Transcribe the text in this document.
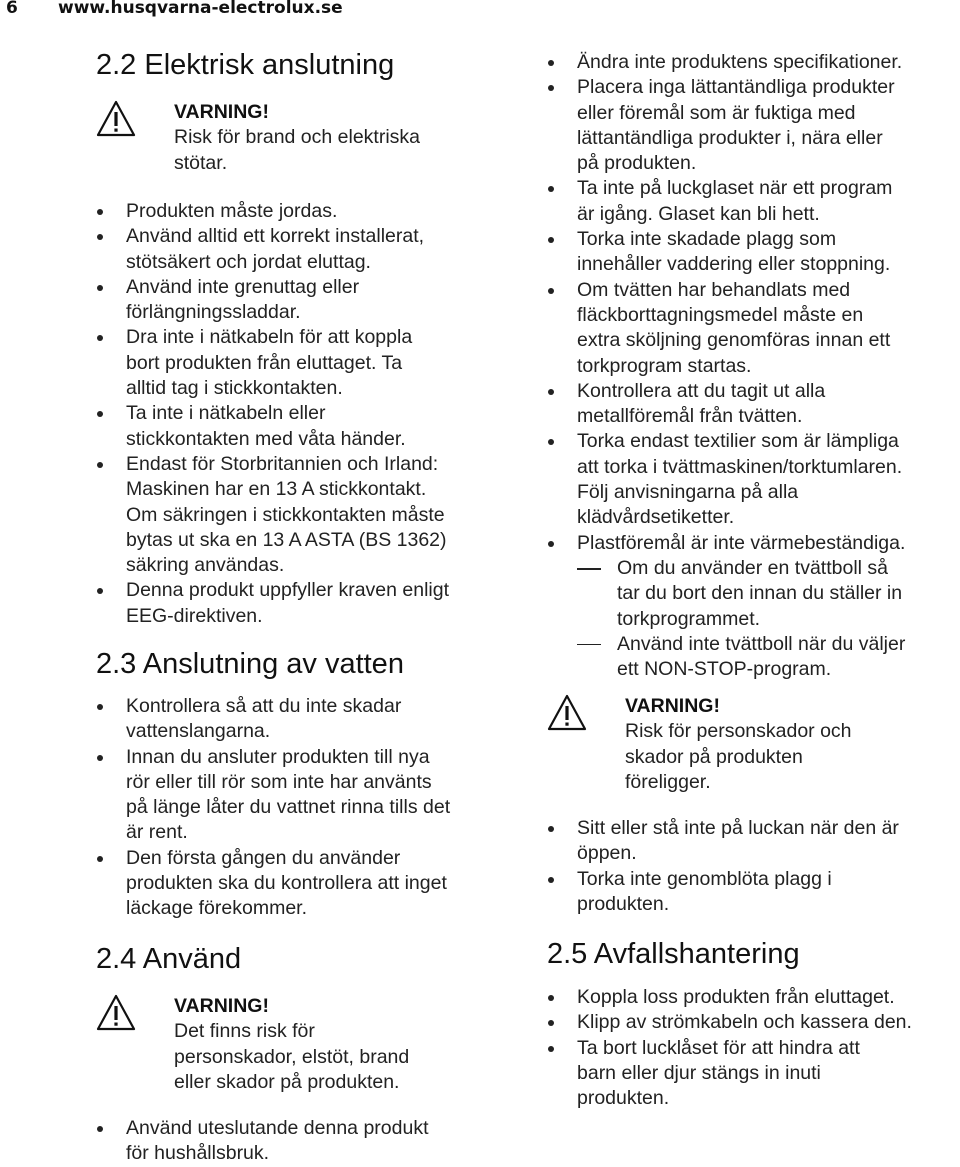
6 www.husqvarna-electrolux.se
2.2 Elektrisk anslutning
VARNING!
Risk för brand och elektriska
stötar.
Produkten måste jordas.
Använd alltid ett korrekt installerat,
stötsäkert och jordat eluttag.
Använd inte grenuttag eller
förlängningssladdar.
Dra inte i nätkabeln för att koppla
bort produkten från eluttaget. Ta
alltid tag i stickkontakten.
Ta inte i nätkabeln eller
stickkontakten med våta händer.
Endast för Storbritannien och Irland:
Maskinen har en 13 A stickkontakt.
Om säkringen i stickkontakten måste
bytas ut ska en 13 A ASTA (BS 1362)
säkring användas.
Denna produkt uppfyller kraven enligt
EEG-direktiven.
2.3 Anslutning av vatten
Kontrollera så att du inte skadar
vattenslangarna.
Innan du ansluter produkten till nya
rör eller till rör som inte har använts
på länge låter du vattnet rinna tills det
är rent.
Den första gången du använder
produkten ska du kontrollera att inget
läckage förekommer.
2.4 Använd
VARNING!
Det finns risk för
personskador, elstöt, brand
eller skador på produkten.
Använd uteslutande denna produkt
för hushållsbruk.
Ändra inte produktens specifikationer.
Placera inga lättantändliga produkter
eller föremål som är fuktiga med
lättantändliga produkter i, nära eller
på produkten.
Ta inte på luckglaset när ett program
är igång. Glaset kan bli hett.
Torka inte skadade plagg som
innehåller vaddering eller stoppning.
Om tvätten har behandlats med
fläckborttagningsmedel måste en
extra sköljning genomföras innan ett
torkprogram startas.
Kontrollera att du tagit ut alla
metallföremål från tvätten.
Torka endast textilier som är lämpliga
att torka i tvättmaskinen/torktumlaren.
Följ anvisningarna på alla
klädvårdsetiketter.
Plastföremål är inte värmebeständiga.
Om du använder en tvättboll så
tar du bort den innan du ställer in
torkprogrammet.
Använd inte tvättboll när du väljer
ett NON-STOP-program.
VARNING!
Risk för personskador och
skador på produkten
föreligger.
Sitt eller stå inte på luckan när den är
öppen.
Torka inte genomblöta plagg i
produkten.
2.5 Avfallshantering
Koppla loss produkten från eluttaget.
Klipp av strömkabeln och kassera den.
Ta bort lucklåset för att hindra att
barn eller djur stängs in inuti
produkten.
